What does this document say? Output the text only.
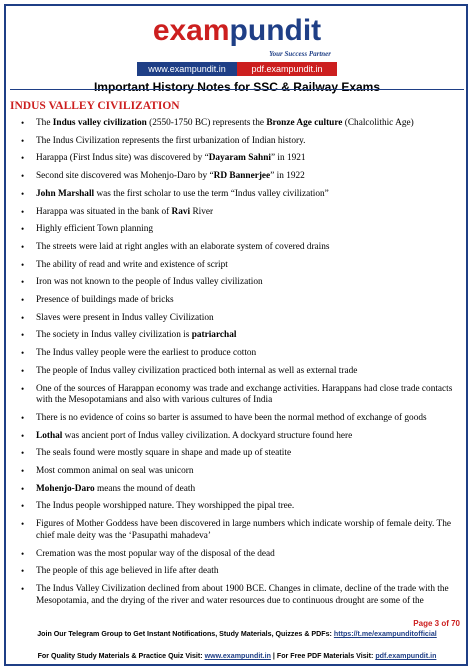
exampundit
Your Success Partner
www.exampundit.in	pdf.exampundit.in
Important History Notes for SSC & Railway Exams
INDUS VALLEY CIVILIZATION
• The Indus valley civilization (2550-1750 BC) represents the Bronze Age culture (Chalcolithic Age)
• The Indus Civilization represents the first urbanization of Indian history.
• Harappa (First Indus site) was discovered by “Dayaram Sahni” in 1921
• Second site discovered was Mohenjo-Daro by “RD Bannerjee” in 1922
• John Marshall was the first scholar to use the term “Indus valley civilization”
• Harappa was situated in the bank of Ravi River
• Highly efficient Town planning
• The streets were laid at right angles with an elaborate system of covered drains
• The ability of read and write and existence of script
• Iron was not known to the people of Indus valley civilization
• Presence of buildings made of bricks
• Slaves were present in Indus valley Civilization
• The society in Indus valley civilization is patriarchal
• The Indus valley people were the earliest to produce cotton
• The people of Indus valley civilization practiced both internal as well as external trade
• One of the sources of Harappan economy was trade and exchange activities. Harappans had close trade contacts with the Mesopotamians and also with various cultures of India
• There is no evidence of coins so barter is assumed to have been the normal method of exchange of goods
• Lothal was ancient port of Indus valley civilization. A dockyard structure found here
• The seals found were mostly square in shape and made up of steatite
• Most common animal on seal was unicorn
• Mohenjo-Daro means the mound of death
• The Indus people worshipped nature. They worshipped the pipal tree.
• Figures of Mother Goddess have been discovered in large numbers which indicate worship of female deity. The chief male deity was the ‘Pasupathi mahadeva’
• Cremation was the most popular way of the disposal of the dead
• The people of this age believed in life after death
• The Indus Valley Civilization declined from about 1900 BCE. Changes in climate, decline of the trade with the Mesopotamia, and the drying of the river and water resources due to continuous drought are some of the
Page 3 of 70
Join Our Telegram Group to Get Instant Notifications, Study Materials, Quizzes & PDFs: https://t.me/exampunditofficial
For Quality Study Materials & Practice Quiz Visit: www.exampundit.in | For Free PDF Materials Visit: pdf.exampundit.in
